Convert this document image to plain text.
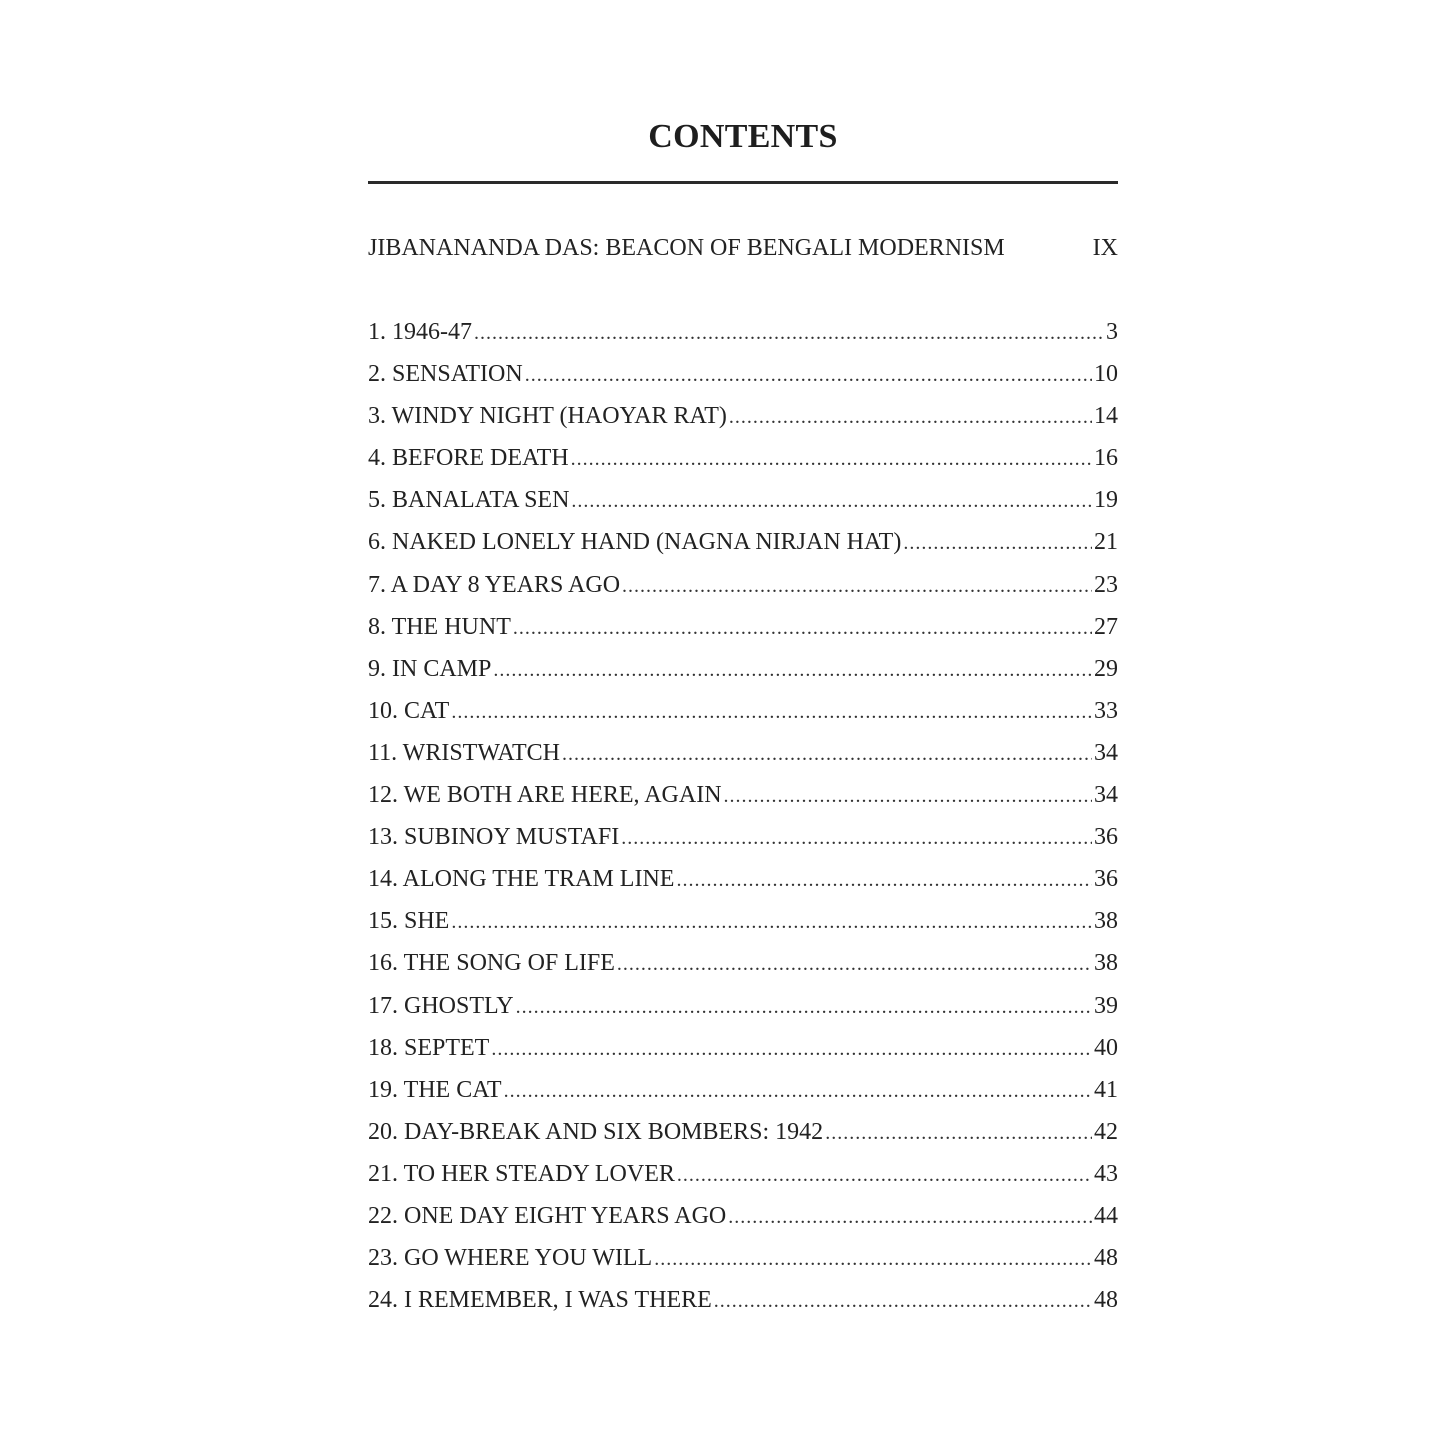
CONTENTS
JIBANANANDA DAS: BEACON OF BENGALI MODERNISM	IX
1. 1946-47 .....	3
2. SENSATION .....	10
3. WINDY NIGHT (HAOYAR RAT) .....	14
4. BEFORE DEATH .....	16
5. BANALATA SEN .....	19
6. NAKED LONELY HAND (NAGNA NIRJAN HAT) .....	21
7. A DAY 8 YEARS AGO .....	23
8. THE HUNT .....	27
9. IN CAMP .....	29
10. CAT .....	33
11. WRISTWATCH .....	34
12. WE BOTH ARE HERE, AGAIN .....	34
13. SUBINOY MUSTAFI .....	36
14. ALONG THE TRAM LINE .....	36
15. SHE .....	38
16. THE SONG OF LIFE .....	38
17. GHOSTLY .....	39
18. SEPTET .....	40
19. THE CAT .....	41
20. DAY-BREAK AND SIX BOMBERS: 1942 .....	42
21. TO HER STEADY LOVER .....	43
22. ONE DAY EIGHT YEARS AGO .....	44
23. GO WHERE YOU WILL .....	48
24. I REMEMBER, I WAS THERE .....	48
